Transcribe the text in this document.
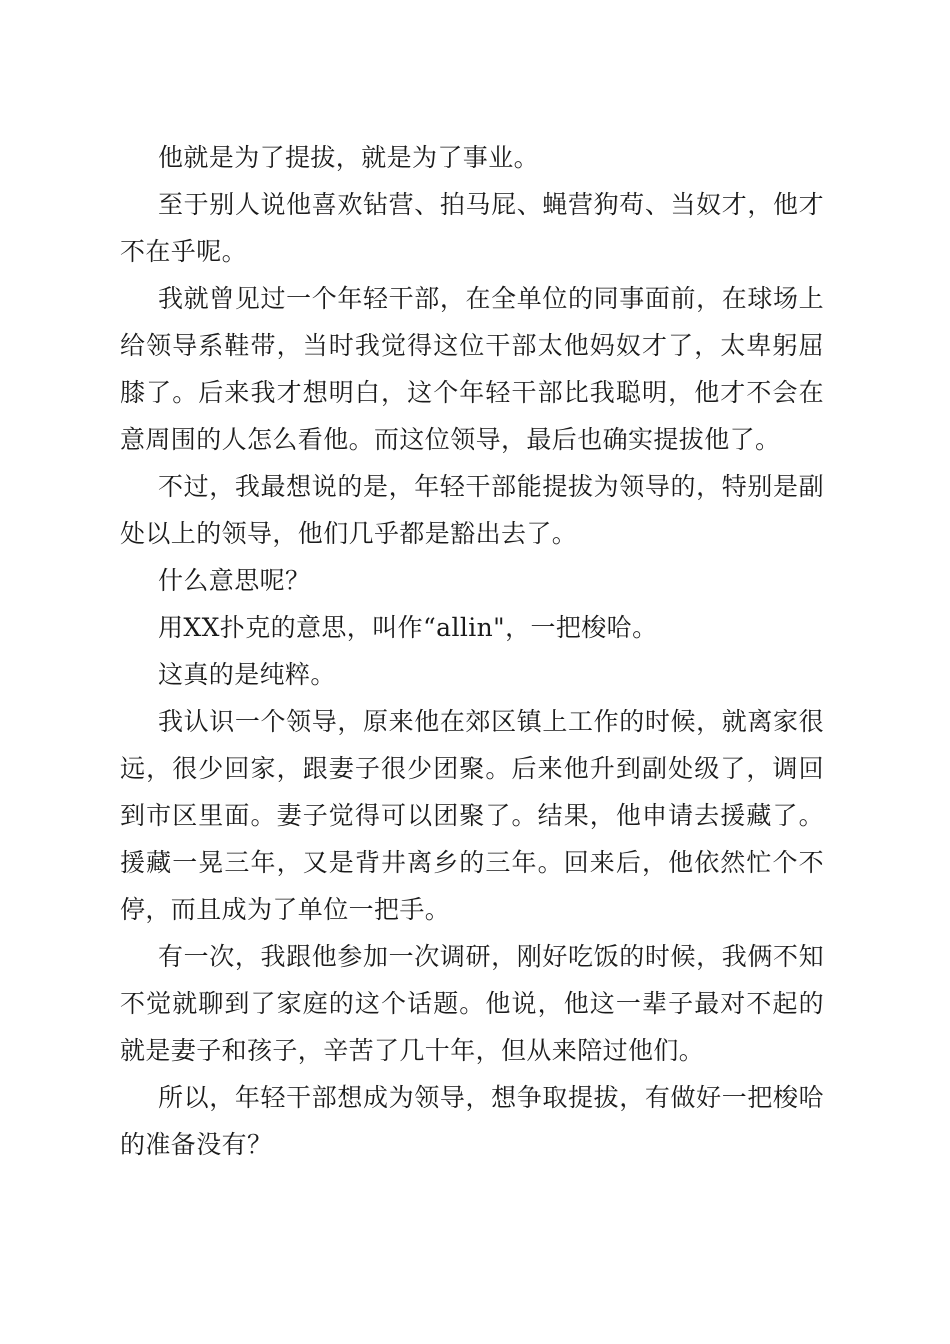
他就是为了提拔，就是为了事业。

至于别人说他喜欢钻营、拍马屁、蝇营狗苟、当奴才，他才不在乎呢。

我就曾见过一个年轻干部，在全单位的同事面前，在球场上给领导系鞋带，当时我觉得这位干部太他妈奴才了，太卑躬屈膝了。后来我才想明白，这个年轻干部比我聪明，他才不会在意周围的人怎么看他。而这位领导，最后也确实提拔他了。

不过，我最想说的是，年轻干部能提拔为领导的，特别是副处以上的领导，他们几乎都是豁出去了。

什么意思呢？

用XX扑克的意思，叫作“allin"，一把梭哈。

这真的是纯粹。

我认识一个领导，原来他在郊区镇上工作的时候，就离家很远，很少回家，跟妻子很少团聚。后来他升到副处级了，调回到市区里面。妻子觉得可以团聚了。结果，他申请去援藏了。援藏一晃三年，又是背井离乡的三年。回来后，他依然忙个不停，而且成为了单位一把手。

有一次，我跟他参加一次调研，刚好吃饭的时候，我俩不知不觉就聊到了家庭的这个话题。他说，他这一辈子最对不起的就是妻子和孩子，辛苦了几十年，但从来陪过他们。

所以，年轻干部想成为领导，想争取提拔，有做好一把梭哈的准备没有？
